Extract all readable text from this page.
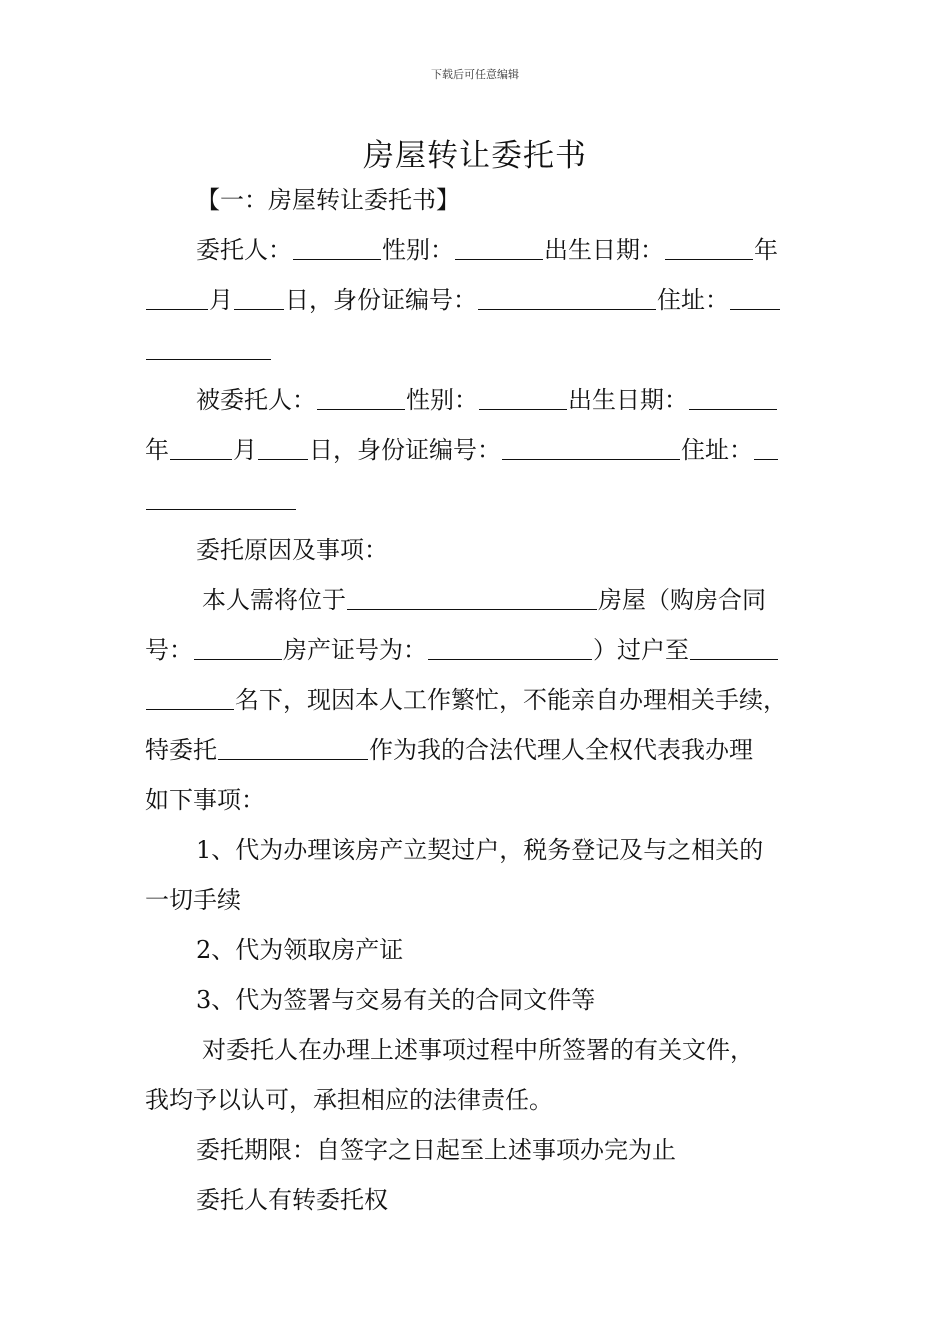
下载后可任意编辑
房屋转让委托书
【一：房屋转让委托书】
委托人：	性别：	出生日期：	年
月 日，身份证编号：	住址：
被委托人：	性别：	出生日期：
年	月 日，身份证编号：	住址：
委托原因及事项：
本人需将位于	房屋（购房合同
号：	房产证号为：	）过户至
名下，现因本人工作繁忙，不能亲自办理相关手续，
特委托	作为我的合法代理人全权代表我办理
如下事项：
1、代为办理该房产立契过户，税务登记及与之相关的
一切手续
2、代为领取房产证
3、代为签署与交易有关的合同文件等
对委托人在办理上述事项过程中所签署的有关文件，
我均予以认可，承担相应的法律责任。
委托期限：自签字之日起至上述事项办完为止
委托人有转委托权
